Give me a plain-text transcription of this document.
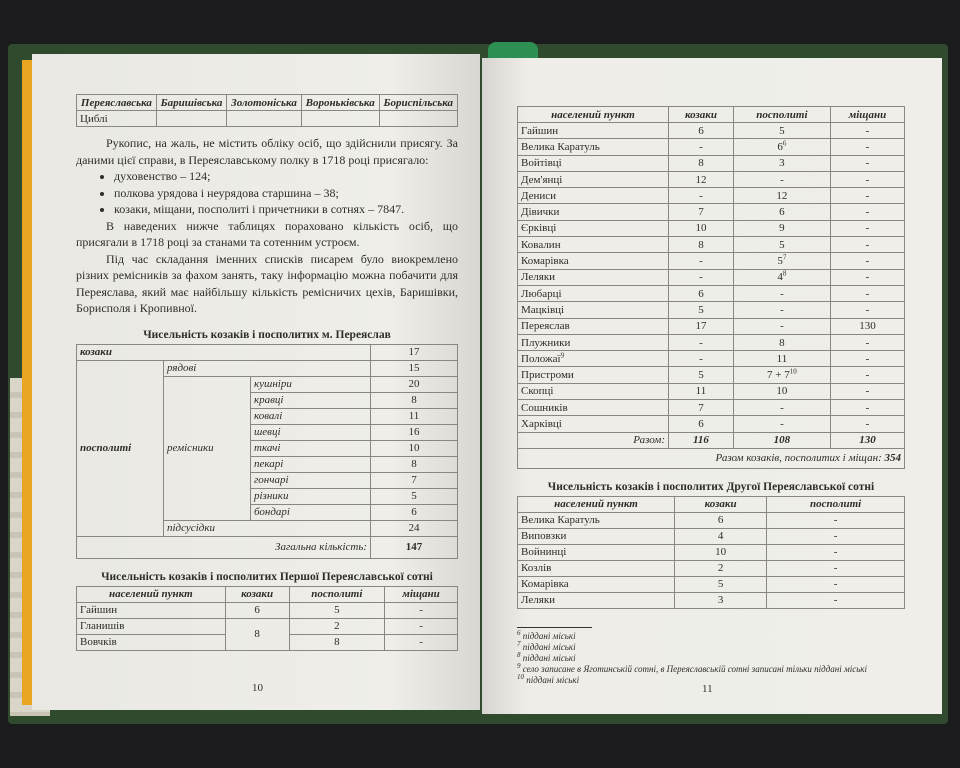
Переяславська	Баришівська	Золотоніська	Вороньківська	Бориспільська
Циблі				

Рукопис, на жаль, не містить обліку осіб, що здійснили присягу. За даними цієї справи, в Переяславському полку в 1718 році присягало:

• духовенство – 124;
• полкова урядова і неурядова старшина – 38;
• козаки, міщани, посполиті і причетники в сотнях – 7847.

В наведених нижче таблицях пораховано кількість осіб, що присягали в 1718 році за станами та сотенним устроєм.

Під час складання іменних списків писарем було виокремлено різних ремісників за фахом занять, таку інформацію можна побачити для Переяслава, який має найбільшу кількість ремісничих цехів, Баришівки, Борисполя і Кропивної.

Чисельність козаків і посполитих м. Переяслав
козаки			17
посполиті	рядові		15
	ремісники	кушніри	20
		кравці	8
		ковалі	11
		шевці	16
		ткачі	10
		пекарі	8
		гончарі	7
		різники	5
		бондарі	6
	підсусідки		24
Загальна кількість:			147
Чисельність козаків і посполитих Першої Переяславської сотні
населений пункт	козаки	посполиті	міщани
Гайшин	6	5	-
Гланишів	8	2	-
Вовчків		8	-

10
населений пункт	козаки	посполиті	міщани
Гайшин	6	5	-
Велика Каратуль	-	$6^6$	-
Войтівці	8	3	-
Дем'янці	12	-	-
Дениси	-	12	-
Дівички	7	6	-
Єрківці	10	9	-
Ковалин	8	5	-
Комарівка	-	$5^7$	-
Леляки	-	$4^8$	-
Любарці	6	-	-
Мацківці	5	-	-
Переяслав	17	-	130
Плужники	-	8	-
Положаї$^9$	-	11	-
Пристроми	5	$7 + 7^{10}$	-
Скопці	11	10	-
Сошників	7	-	-
Харківці	6	-	-
Разом:	116	108	130
Разом козаків, посполитих і міщан: 354			
Чисельність козаків і посполитих Другої Переяславської сотні
населений пункт	козаки	посполиті
Велика Каратуль	6	-
Виповзки	4	-
Войнинці	10	-
Козлів	2	-
Комарівка	5	-
Леляки	3	-
$^6$ піддані міські
$^7$ піддані міські
$^8$ піддані міські
$^9$ село записане в Яготинській сотні, в Переяславській сотні записані тільки піддані міські
$^{10}$ піддані міські
11
